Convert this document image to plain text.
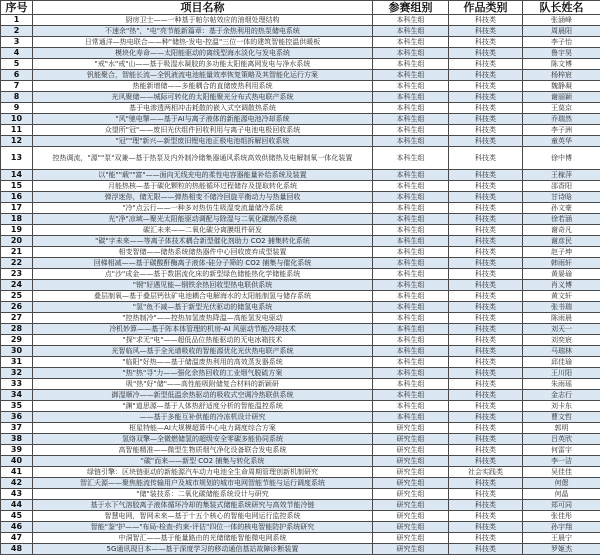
序号	项目名称	参赛组别	作品类别	队长姓名
1	厨房卫士——一种基于帕尔帖效应的油烟处理结构	本科生组	科技类	张涵峰
2	不速余"热"，"电"亮节能新篇章：基于余热利用的热泵储电系统	本科生组	科技类	周晨阳
3	日常通洋—热电联合——种"储热-发电-控温"三位一体的建筑智能控温供暖板	本科生组	科技类	李子怡
4	模块化寿命——太阳能驱动的离线型海水淡化与发电系统	本科生组	科技类	鲁宇昊
5	"戒"水"戒"山——基于吸湿水凝胶的多功能太阳能离网发电与净水系统	本科生组	科技类	陈文博
6	钒能聚合，智能长流—全钒液流电池能量效率恢复策略及其智能化运行方案	本科生组	科技类	杨梓宸
7	热能新增储——多能耦合的直储废热利用系统	本科生组	科技类	魏静凝
8	光风聚储——城际可转化的太阳能聚光分布式热电联产系统	本科生组	科技类	谢丽颖
9	基于电渗透两相冲击耗散的嵌入式空调散热系统	本科生组	科技类	王莫京
10	"风"驰电掣——基于AI与离子液体的新能源电池冷却系统	本科生组	科技类	乔瑞然
11	众望所"冠"——废旧光伏组件回收利用与离子电池电极回收系统	本科生组	科技类	李子洲
12	"冠""理"新兴—新型废旧锂电池正极电池组拆解回收系统	本科生组	科技类	童英华
13	控热调流，"源""泵"双兼—基于热泵及内外制冷储集器通风系统高效供储热及电解制氧一体化装置	本科生组	科技类	徐中博
14	以"能""载""富"——面向无线充电的柔性电容器能量补给系统及装置	本科生组	科技类	王稼萍
15	月能热核—基于碳化颗粒的热能循环过程储存及提取转化系统	本科生组	科技类	邵香阳
16	弹浮迷你，储无限——弹热相变不储冷回旋平衡动力与热量回收	本科生组	科技类	甘诗晗
17	"冷"点云行——一种多对热仿生吸湿变流量储冷系统	本科生组	科技类	孙文豪
18	光"净"凉域—聚光太阳能驱动调配与除湿与二氧化碳制冷系统	本科生组	科技类	徐若涵
19	碳汇未来——二氧化碳分离膜组件研发	本科生组	科技类	谢奇凡
20	"碳"字未来——等离子体技术耦合新型催化剂助力 CO2 捕集转化系统	本科生组	科技类	谢彦民
21	相变智储——储热系统储热器件中心回收废弃成型装置	本科生组	科技类	赵子坤
22	回梯相减——基于碳酸酐酶离子液体-硅分子筛的 CO2 捕集与催化系统	本科生组	科技类	韩雨轩
23	点"沙"成金——基于数据流化床的新型绿色储能热化学储能系统	本科生组	科技类	黄晏瑜
24	"钢"好遇见能—钢铁余热回收型热电联供系统	本科生组	科技类	肖义博
25	叠层制氧—基于叠层钙钛矿电池耦合电解海水的太阳能制氢与储存系统	本科生组	科技类	黄文轩
26	"氢"鱼不减—基于新型光伏驱动的储氢电系统	本科生组	科技类	张书瑞
27	"控热制冷"——控热加氢废热降温—高能氢发电驱动	本科生组	科技类	陈雨晨
28	冷机妙算——基于阵本体管理的机房-AI 风驱动节能冷却技术	本科生组	科技类	刘天一
29	"探"求无"电"——超低品位热能驱动的无电冰箱技术	本科生组	科技类	刘奕宸
30	光智临风—基于全光谱吸收的智能源优化光伏热电联产系统	本科生组	科技类	马瑞林
31	"临阳"好热——基于储温废热利用的高效蒸发器系统	本科生组	科技类	邱佳瑜
32	"热"热"寻"力——强化余热回收的工业烟气脱硫方案	本科生组	科技类	王川阳
33	吸"热"好"储"——高性能吸附储复合材料的新颖研	本科生组	科技类	朱雨瑶
34	御湿顺冷——新型低温余热驱动的吸收式空调冷热联供系统	本科生组	科技类	金志行
35	"渊"道思源—基于人体热舒适度分析的智能温控系统	本科生组	科技类	刘卡东
36	——基于多能互补供能的冷冻机设计研究	本科生组	科技类	曹文哲
37	枢星特能—AI大规模超算中心电力调度综合方案	研究生组	科技类	郭明
38	氢络双擎—全微燃储氢的超级安全零碳多能协同系统	研究生组	科技类	吕英欣
39	高智能精准——微型生物质烟气净化设备联合发电系统	研究生组	科技类	何雷宇
40	"碳"而来——新型 CO2 捕集与转化系统	研究生组	科技类	李一洁
41	绿链引擎：区块链驱动的新能源汽车动力电池全生命周期管理创新机制研究	研究生组	社会实践类	吴佳佳
42	智汇夭源——聚焦能流传输用户及城市规划的城市电网智能节能与运行调度系统	研究生组	科技类	何偲
43	"储"装技系：二氧化碳储能系统设计与研究	研究生组	科技类	何晶
44	基于水下气溶胶离子液体循环冷却的集装式储能系统研究与高效节能冷链	研究生组	科技类	郑可同
45	智慧电网，智网未来—基于十五个核心的智能电网运行监控系统	研究生组	科技类	张佳彤
46	智能"鉴"护——"布局-检查-约束-评估"四位一体的核电智能防护系统研究	研究生组	科技类	孙宇翔
47	中洞智汇——基于能量路由的光储储能智能微电网系统	研究生组	科技类	王晨宁
48	5G通讯现日本——基于深度学习的移动通信基站故障诊断装置	研究生组	科技类	罗姬杰
